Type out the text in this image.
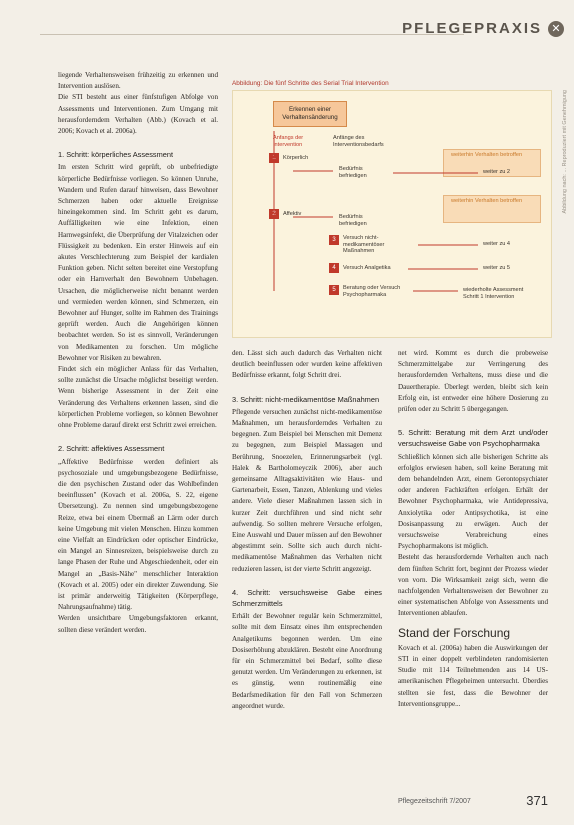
PFLEGEPRAXIS ✕
Abbildung nach: ... Reproduziert mit Genehmigung

liegende Verhaltensweisen frühzeitig zu erkennen und Intervention auslösen.

Die STI besteht aus einer fünfstufigen Abfolge von Assessments und Interventionen. Zum Umgang mit herausforderndem Verhalten (Abb.) (Kovach et al. 2006; Kovach et al. 2006a).

1. Schritt: körperliches Assessment

Im ersten Schritt wird geprüft, ob unbefriedigte körperliche Bedürfnisse vorliegen. So können Unruhe, Wandern und Rufen darauf hinweisen, dass Bewohner Schmerzen haben oder aktuelle Ereignisse hineingekommen sind. Im Schritt geht es darum, Auffälligkeiten wie eine Infektion, einen Harnwegsinfekt, die Überprüfung der Vitalzeichen oder Flüssigkeit zu bedenken. Ein erster Hinweis auf ein akutes Verschlechterung zum Beispiel der kardialen Funktion geben. Nicht selten bereitet eine Verstopfung oder ein Harnverhalt den Bewohnern Unbehagen. Ursachen, die möglicherweise nicht benannt werden und vermieden werden können, sind Schmerzen, ein Bewohner auf Hunger, sollte im Rahmen des Trainings geprüft werden. Auch die Angehörigen können beobachtet werden. So ist es sinnvoll, Veränderungen von Medikamenten zu forschen. Um mögliche Bewohner vor Risiken zu bewahren.

Findet sich ein möglicher Anlass für das Verhalten, sollte zunächst die Ursache möglichst beseitigt werden. Wenn bisherige Assessment in der Zeit eine Veränderung des Verhaltens erkennen lassen, sind die körperlichen Probleme vorliegen, so können Bewohner ohne Probleme darauf direkt erst Schritt zwei erreichen.

2. Schritt: affektives Assessment

„Affektive Bedürfnisse werden definiert als psychosoziale und umgebungsbezogene Bedürfnisse, die den psychischen Zustand oder das Wohlbefinden beeinflussen" (Kovach et al. 2006a, S. 22, eigene Übersetzung). Zu nennen sind umgebungsbezogene Reize, etwa bei einem Übermaß an Lärm oder durch keine Umgebung mit vielen Menschen. Hinzu kommen eine Vielfalt an Eindrücken oder optischer Eindrücke, ein Mangel an Sinnesreizen, beispielsweise durch zu lange Phasen der Ruhe und Abgeschiedenheit, oder ein Mangel an „Basis-Nähe" menschlicher Interaktion (Kovach et al. 2005) oder ein direkter Zuwendung. Sie ist primär anderweitig Tätigkeiten (Körperpflege, Nahrungsaufnahme) tätig.

Werden unsichtbare Umgebungsfaktoren erkannt, sollten diese verändert werden.

Abbildung: Die fünf Schritte des Serial Trial Intervention
Erkennen einer Verhaltensänderung
Anfangs der Intervention
Anfänge des Interventionsbedarfs
weiterhin Verhalten betroffen
1	Körperlich
Bedürfnis befriedigen
weiter zu 2
weiterhin Verhalten betroffen
2	Affektiv	Bedürfnis befriedigen
3	Versuch nicht-medikamentöser Maßnahmen
weiter zu 4
4	Versuch Analgetika	weiter zu 5
5	Beratung oder Versuch Psychopharmaka
wiederholte Assessment Schritt 1 Intervention

den. Lässt sich auch dadurch das Verhalten nicht deutlich beeinflussen oder wurden keine affektiven Bedürfnisse erkannt, folgt Schritt drei.

3. Schritt: nicht-medikamentöse Maßnahmen

Pflegende versuchen zunächst nicht-medikamentöse Maßnahmen, um herausforderndes Verhalten zu begegnen. Zum Beispiel bei Menschen mit Demenz zu begegnen, zum Beispiel Massagen und Berührung, Snoezelen, Erinnerungsarbeit (vgl. Halek & Bartholomeyczik 2006), aber auch gemeinsame Alltagsaktivitäten wie Haus- und Gartenarbeit, Essen, Tanzen, Ablenkung und vieles andere. Viele dieser Maßnahmen lassen sich in kurzer Zeit durchführen und sind nicht sehr aufwendig. So sollten mehrere Versuche erfolgen, Eine Auswahl und Dauer müssen auf den Bewohner abgestimmt sein. Sollte sich auch durch nicht-medikamentöse Maßnahmen das Verhalten nicht reduzieren lassen, ist der vierte Schritt angezeigt.

4. Schritt: versuchsweise Gabe eines Schmerzmittels

Erhält der Bewohner regulär kein Schmerzmittel, sollte mit dem Einsatz eines ihm entsprechenden Analgetikums begonnen werden. Um eine Dosiserhöhung abzuklären. Besteht eine Anordnung für ein Schmerzmittel bei Bedarf, sollte diese genutzt werden. Um Veränderungen zu erkennen, ist es günstig, wenn routinemäßig eine Bedarfsmedikation für den Fall von Schmerzen angeordnet wurde.

net wird. Kommt es durch die probeweise Schmerzmittelgabe zur Verringerung des herausfordernden Verhaltens, muss diese und die Dauertherapie. Überlegt werden, bleibt sich kein Erfolg ein, ist entweder eine höhere Dosierung zu prüfen oder zu Schritt 5 übergegangen.

5. Schritt: Beratung mit dem Arzt und/oder versuchsweise Gabe von Psychopharmaka

Schließlich können sich alle bisherigen Schritte als erfolglos erwiesen haben, soll keine Beratung mit dem behandelnden Arzt, einem Gerontopsychiater oder anderen Fachkräften erfolgen. Erhält der Bewohner Psychopharmaka, wie Antidepressiva, Anxiolytika oder Antipsychotika, ist eine Dosisanpassung zu erwägen. Auch der versuchsweise Verabreichung eines Psychopharmakons ist möglich.

Besteht das herausfordernde Verhalten auch nach dem fünften Schritt fort, beginnt der Prozess wieder von vorn. Die Wirksamkeit zeigt sich, wenn die nachfolgenden Verhaltensweisen der Bewohner zu einer systematischen Abfolge von Assessments und Interventionen ablaufen.

Stand der Forschung

Kovach et al. (2006a) haben die Auswirkungen der STI in einer doppelt verblindeten randomisierten Studie mit 114 Teilnehmenden aus 14 US-amerikanischen Pflegeheimen untersucht. Überdies stellten sie fest, dass die Bewohner der Interventionsgruppe...

Pflegezeitschrift 7/2007	371
